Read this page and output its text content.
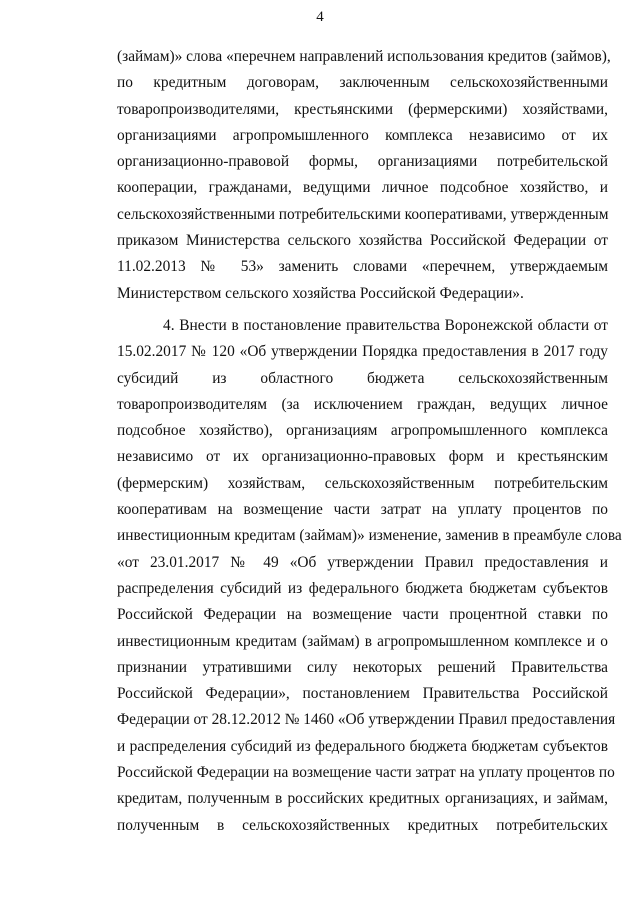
4
(займам)» слова «перечнем направлений использования кредитов (займов),
по кредитным договорам, заключенным сельскохозяйственными
товаропроизводителями, крестьянскими (фермерскими) хозяйствами,
организациями агропромышленного комплекса независимо от их
организационно-правовой формы, организациями потребительской
кооперации, гражданами, ведущими личное подсобное хозяйство, и
сельскохозяйственными потребительскими кооперативами, утвержденным
приказом Министерства сельского хозяйства Российской Федерации от
11.02.2013 № 53» заменить словами «перечнем, утверждаемым
Министерством сельского хозяйства Российской Федерации».
4. Внести в постановление правительства Воронежской области от
15.02.2017 № 120 «Об утверждении Порядка предоставления в 2017 году
субсидий из областного бюджета сельскохозяйственным
товаропроизводителям (за исключением граждан, ведущих личное
подсобное хозяйство), организациям агропромышленного комплекса
независимо от их организационно-правовых форм и крестьянским
(фермерским) хозяйствам, сельскохозяйственным потребительским
кооперативам на возмещение части затрат на уплату процентов по
инвестиционным кредитам (займам)» изменение, заменив в преамбуле слова
«от 23.01.2017 № 49 «Об утверждении Правил предоставления и
распределения субсидий из федерального бюджета бюджетам субъектов
Российской Федерации на возмещение части процентной ставки по
инвестиционным кредитам (займам) в агропромышленном комплексе и о
признании утратившими силу некоторых решений Правительства
Российской Федерации», постановлением Правительства Российской
Федерации от 28.12.2012 № 1460 «Об утверждении Правил предоставления
и распределения субсидий из федерального бюджета бюджетам субъектов
Российской Федерации на возмещение части затрат на уплату процентов по
кредитам, полученным в российских кредитных организациях, и займам,
полученным в сельскохозяйственных кредитных потребительских
